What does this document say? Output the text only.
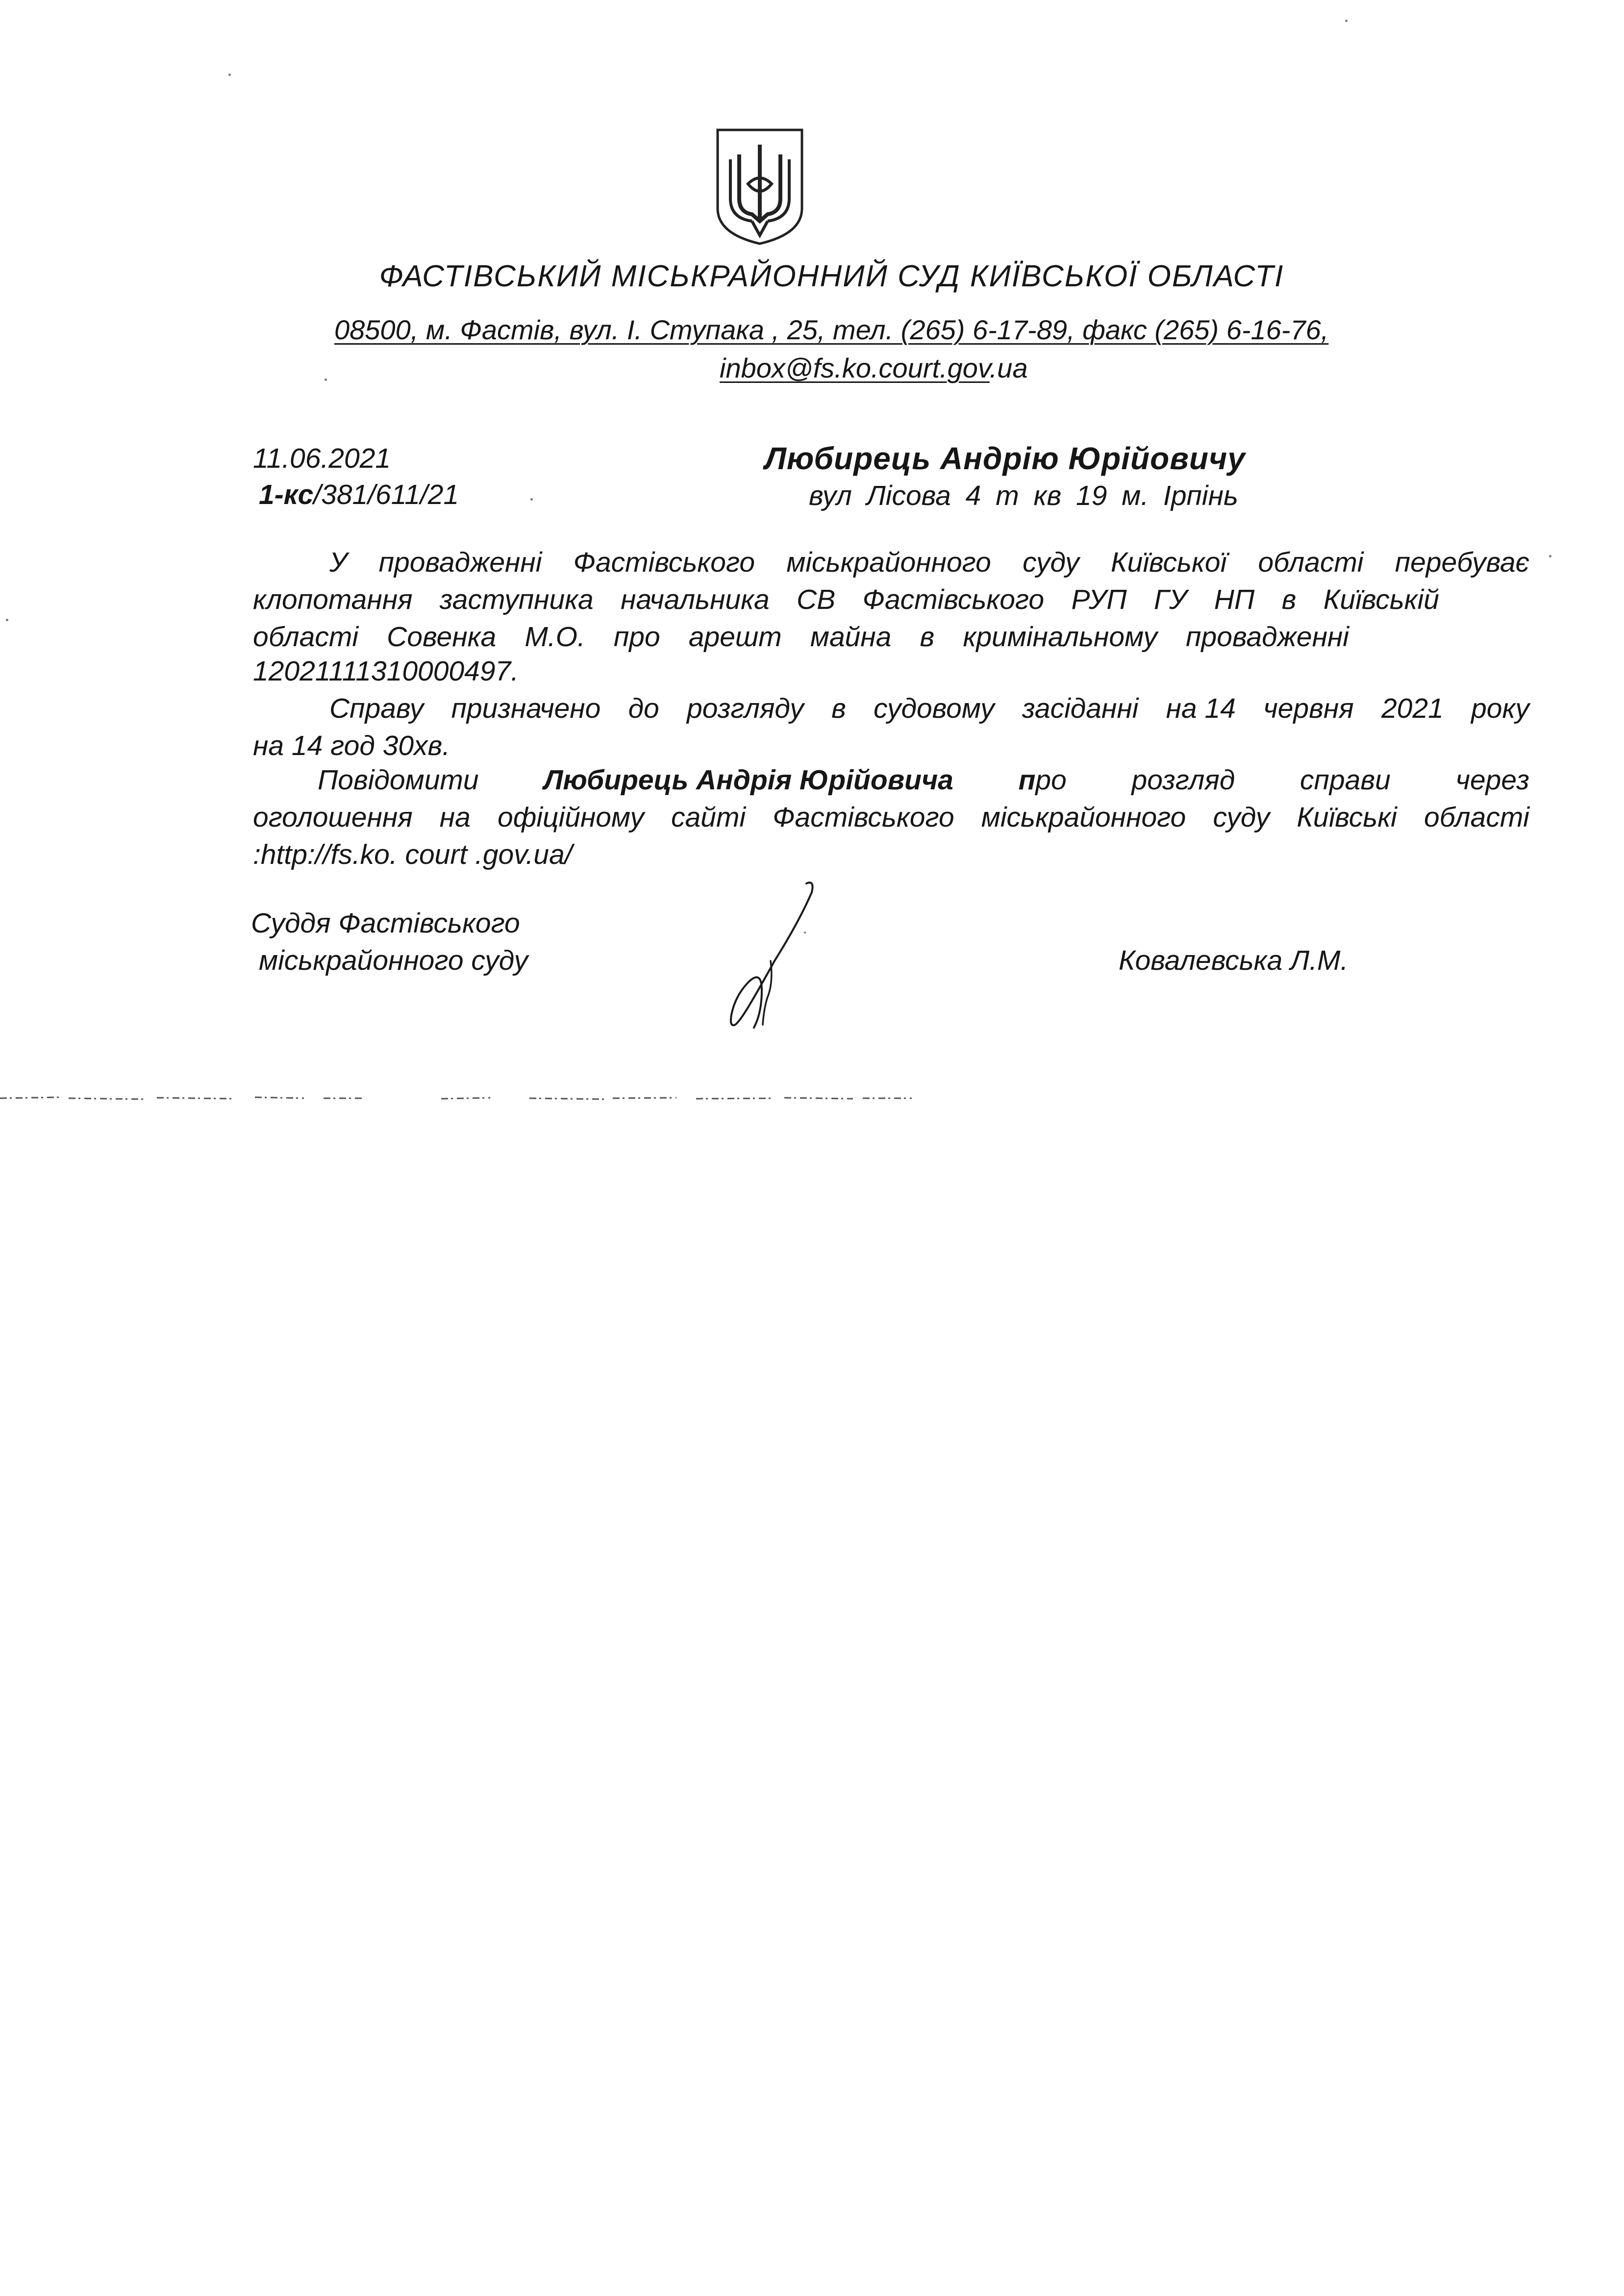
ФАСТІВСЬКИЙ МІСЬКРАЙОННИЙ СУД КИЇВСЬКОЇ ОБЛАСТІ
08500, м. Фастів, вул. І. Ступака , 25, тел. (265) 6-17-89, факс (265) 6-16-76,
inbox@fs.ko.court.gov.ua
11.06.2021
1-кс/381/611/21
Любирець Андрію Юрійовичу
вул Лісова 4 т кв 19 м. Ірпінь
У провадженні Фастівського міськрайонного суду Київської області перебуває
клопотання заступника начальника СВ Фастівського РУП ГУ НП в Київській
області Совенка М.О. про арешт майна в кримінальному провадженні
12021111310000497.
Справу призначено до розгляду в судовому засіданні на 14 червня 2021 року
на 14 год 30хв.
Повідомити Любирець Андрія Юрійовича про розгляд справи через
оголошення на офіційному сайті Фастівського міськрайонного суду Київські області
:http://fs.ko. court .gov.ua/
Суддя Фастівського
міськрайонного суду	Ковалевська Л.М.
